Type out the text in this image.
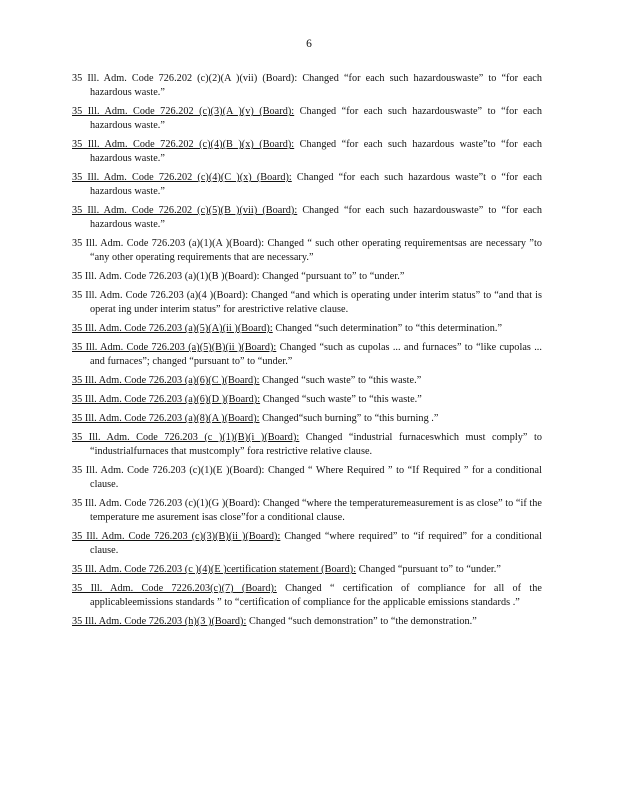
6
35 Ill. Adm. Code 726.202 (c)(2)(A )(vii) (Board): Changed “for each such hazardouswaste” to “for each hazardous waste.”
35 Ill. Adm. Code 726.202 (c)(3)(A )(v) (Board): Changed “for each such hazardouswaste” to “for each hazardous waste.”
35 Ill. Adm. Code 726.202 (c)(4)(B )(x) (Board): Changed “for each such hazardous waste”to “for each hazardous waste.”
35 Ill. Adm. Code 726.202 (c)(4)(C )(x) (Board): Changed “for each such hazardous waste”t o “for each hazardous waste.”
35 Ill. Adm. Code 726.202 (c)(5)(B )(vii) (Board): Changed “for each such hazardouswaste” to “for each hazardous waste.”
35 Ill. Adm. Code 726.203 (a)(1)(A )(Board): Changed “ such other operating requirementsas are necessary ”to “any other operating requirements that are necessary.”
35 Ill. Adm. Code 726.203 (a)(1)(B )(Board): Changed “pursuant to” to “under.”
35 Ill. Adm. Code 726.203 (a)(4 )(Board): Changed “and which is operating under interim status” to “and that is operat ing under interim status” for arestrictive relative clause.
35 Ill. Adm. Code 726.203 (a)(5)(A)(ii )(Board): Changed “such determination” to “this determination.”
35 Ill. Adm. Code 726.203 (a)(5)(B)(ii )(Board): Changed “such as cupolas ... and furnaces” to “like cupolas ... and furnaces”; changed “pursuant to” to “under.”
35 Ill. Adm. Code 726.203 (a)(6)(C )(Board): Changed “such waste” to “this waste.”
35 Ill. Adm. Code 726.203 (a)(6)(D )(Board): Changed “such waste” to “this waste.”
35 Ill. Adm. Code 726.203 (a)(8)(A )(Board): Changed“such burning” to “this burning .”
35 Ill. Adm. Code 726.203 (c )(1)(B)(i )(Board): Changed “industrial furnaceswhich must comply” to “industrialfurnaces that mustcomply” fora restrictive relative clause.
35 Ill. Adm. Code 726.203 (c)(1)(E )(Board): Changed “ Where Required ” to “If Required ” for a conditional clause.
35 Ill. Adm. Code 726.203 (c)(1)(G )(Board): Changed “where the temperaturemeasurement is as close” to “if the temperature me asurement isas close”for a conditional clause.
35 Ill. Adm. Code 726.203 (c)(3)(B)(ii )(Board): Changed “where required” to “if required” for a conditional clause.
35 Ill. Adm. Code 726.203 (c )(4)(E )certification statement (Board): Changed “pursuant to” to “under.”
35 Ill. Adm. Code 7226.203(c)(7) (Board): Changed “ certification of compliance for all of the applicableemissions standards ” to “certification of compliance for the applicable emissions standards .”
35 Ill. Adm. Code 726.203 (h)(3 )(Board): Changed “such demonstration” to “the demonstration.”
